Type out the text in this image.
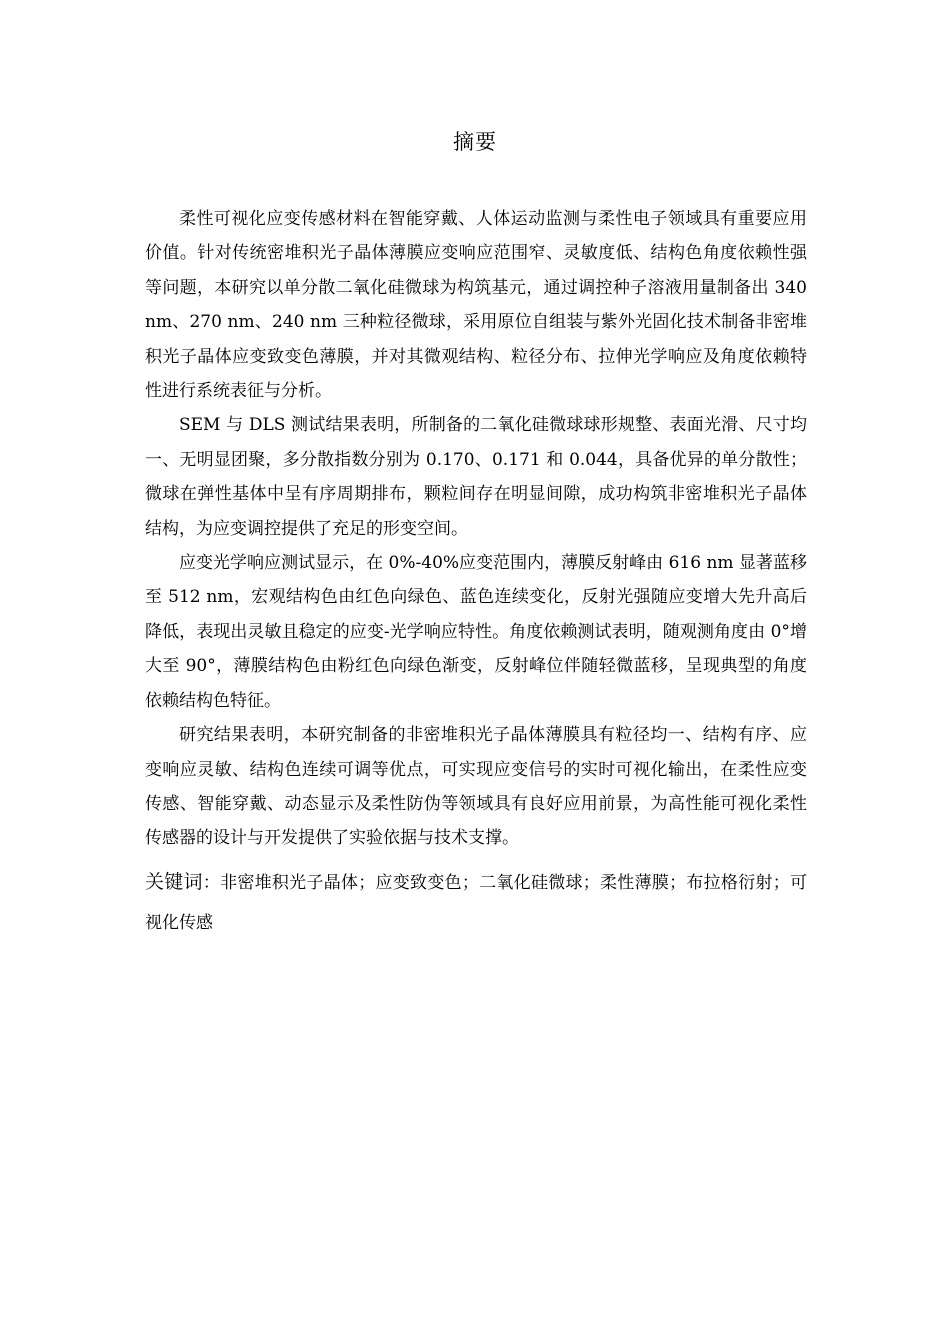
摘要

柔性可视化应变传感材料在智能穿戴、人体运动监测与柔性电子领域具有重要应用价值。针对传统密堆积光子晶体薄膜应变响应范围窄、灵敏度低、结构色角度依赖性强等问题，本研究以单分散二氧化硅微球为构筑基元，通过调控种子溶液用量制备出 340 nm、270 nm、240 nm 三种粒径微球，采用原位自组装与紫外光固化技术制备非密堆积光子晶体应变致变色薄膜，并对其微观结构、粒径分布、拉伸光学响应及角度依赖特性进行系统表征与分析。

SEM 与 DLS 测试结果表明，所制备的二氧化硅微球球形规整、表面光滑、尺寸均一、无明显团聚，多分散指数分别为 0.170、0.171 和 0.044，具备优异的单分散性；微球在弹性基体中呈有序周期排布，颗粒间存在明显间隙，成功构筑非密堆积光子晶体结构，为应变调控提供了充足的形变空间。

应变光学响应测试显示，在 0%-40%应变范围内，薄膜反射峰由 616 nm 显著蓝移至 512 nm，宏观结构色由红色向绿色、蓝色连续变化，反射光强随应变增大先升高后降低，表现出灵敏且稳定的应变-光学响应特性。角度依赖测试表明，随观测角度由 0°增大至 90°，薄膜结构色由粉红色向绿色渐变，反射峰位伴随轻微蓝移，呈现典型的角度依赖结构色特征。

研究结果表明，本研究制备的非密堆积光子晶体薄膜具有粒径均一、结构有序、应变响应灵敏、结构色连续可调等优点，可实现应变信号的实时可视化输出，在柔性应变传感、智能穿戴、动态显示及柔性防伪等领域具有良好应用前景，为高性能可视化柔性传感器的设计与开发提供了实验依据与技术支撑。

关键词：非密堆积光子晶体；应变致变色；二氧化硅微球；柔性薄膜；布拉格衍射；可视化传感
